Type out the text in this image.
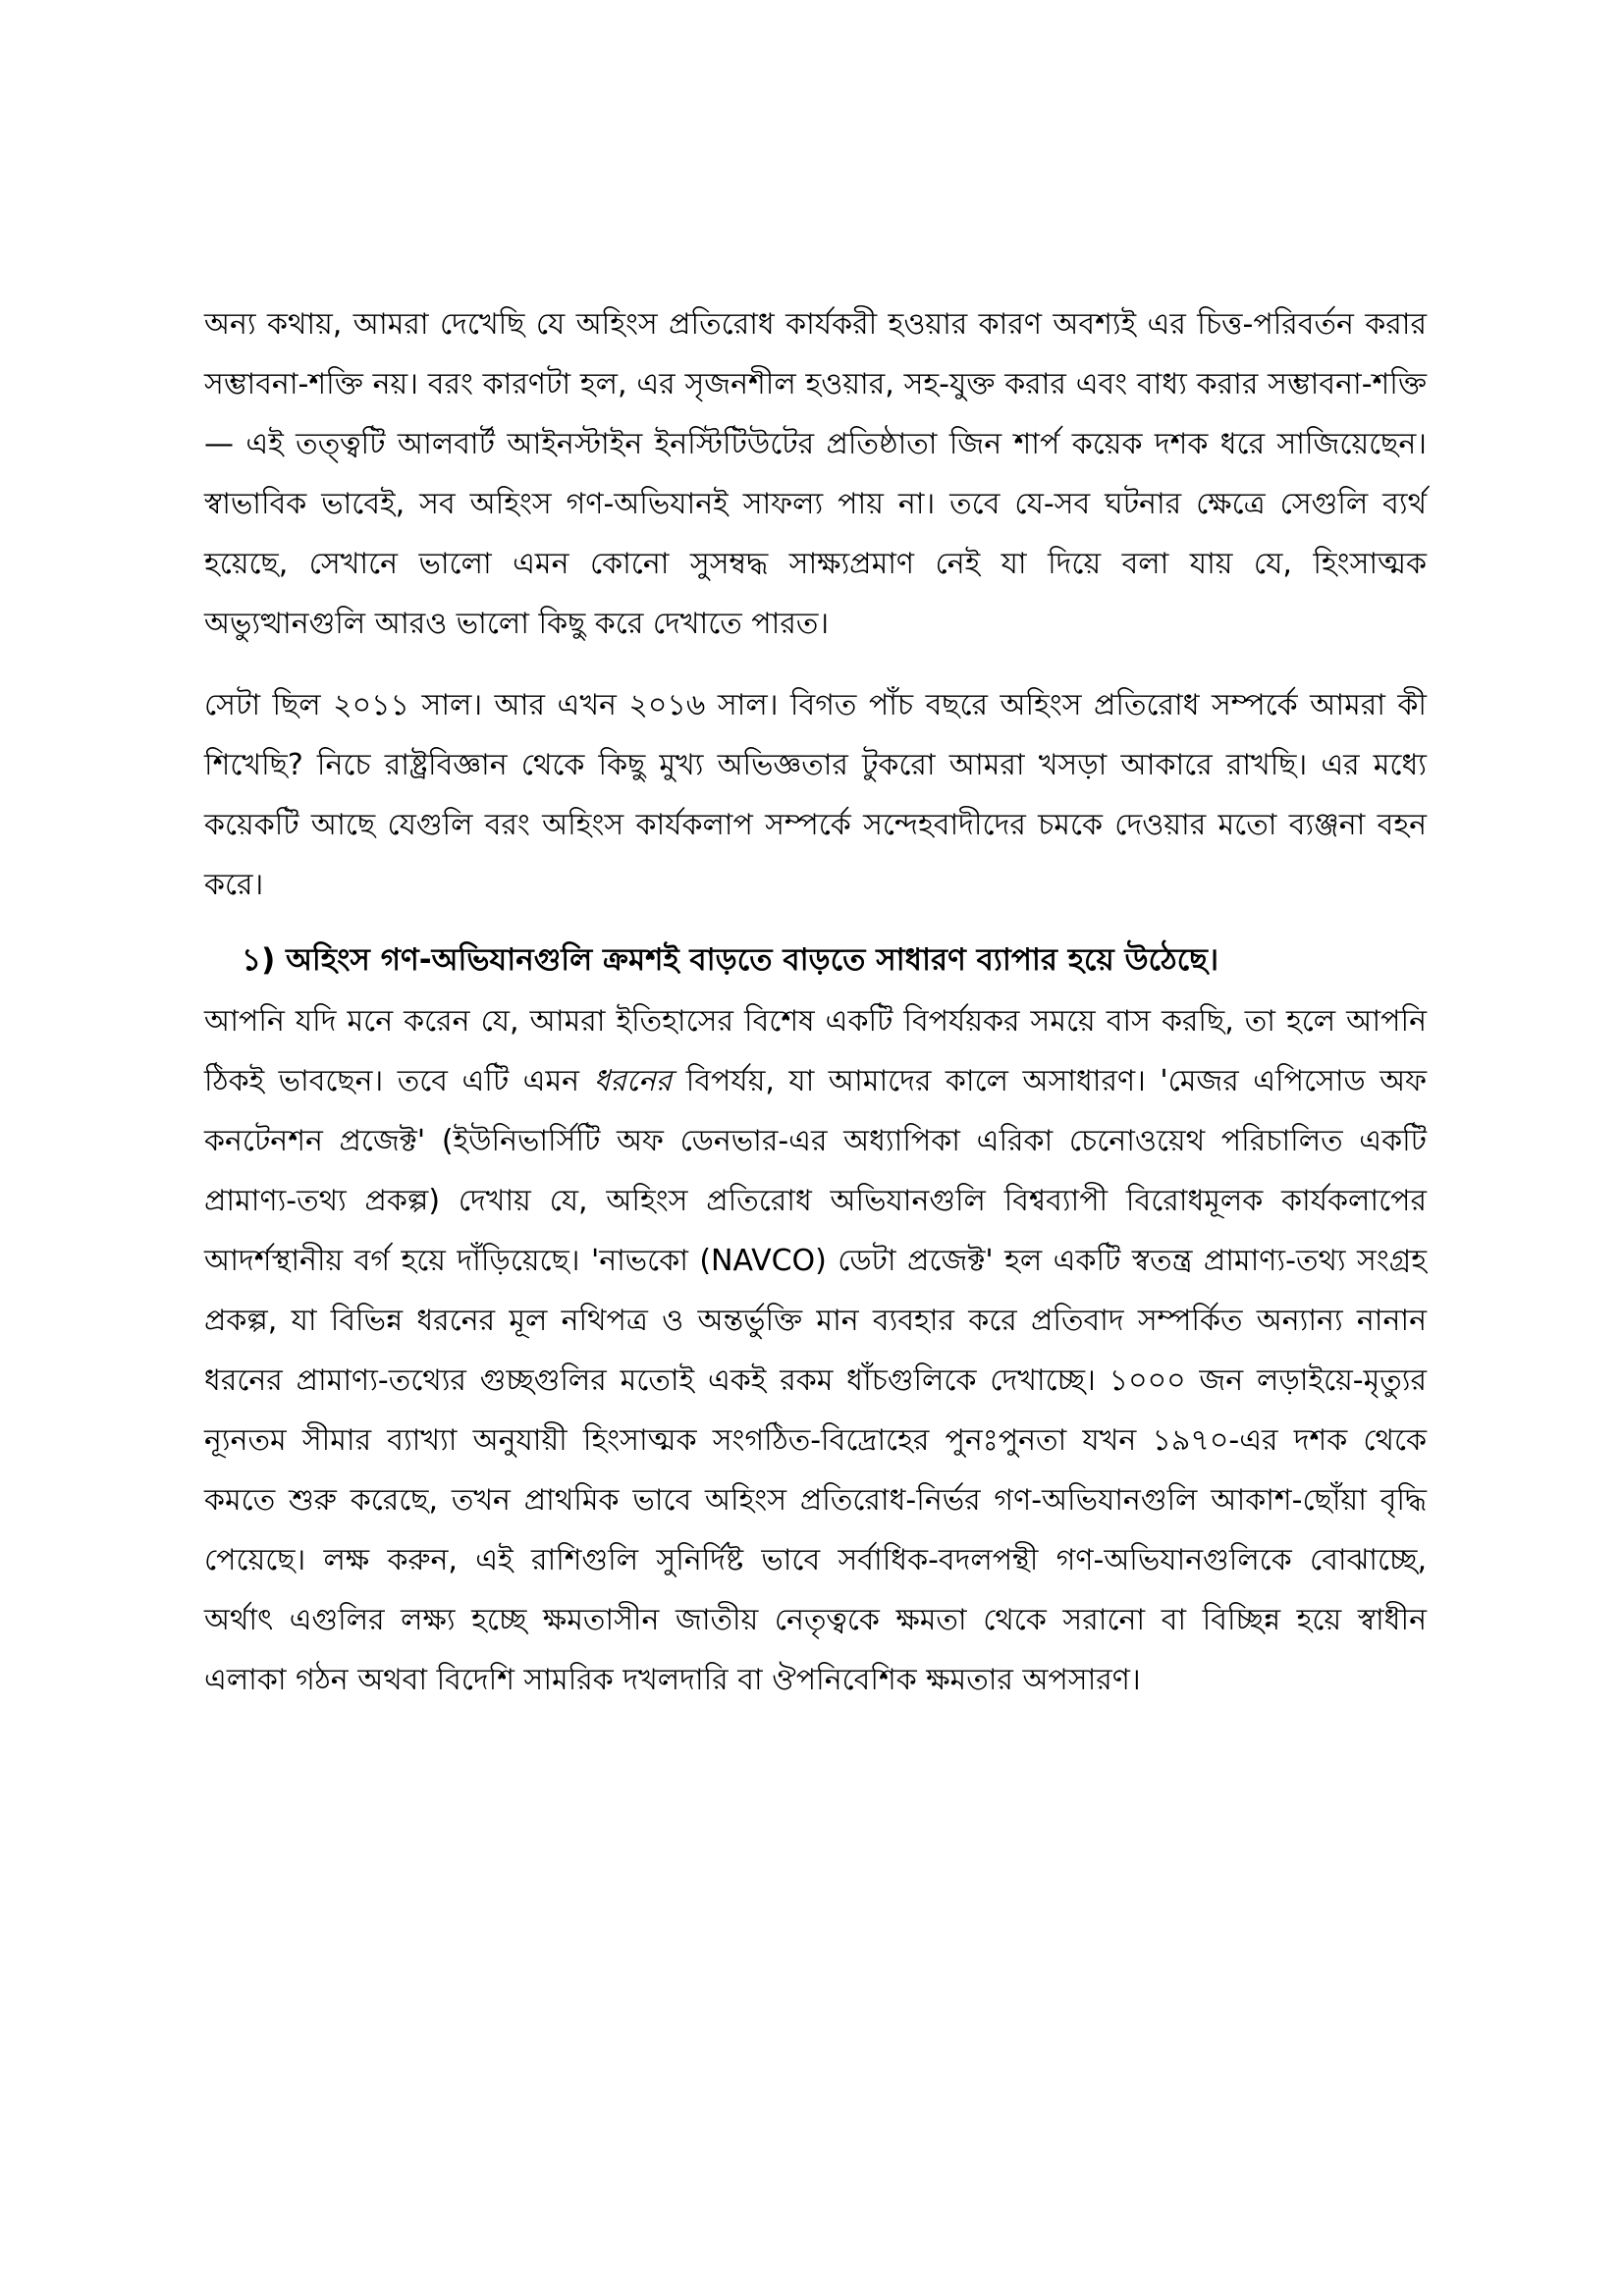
অন্য কথায়, আমরা দেখেছি যে অহিংস প্রতিরোধ কার্যকরী হওয়ার কারণ অবশ্যই এর চিত্ত-পরিবর্তন করার সম্ভাবনা-শক্তি নয়। বরং কারণটা হল, এর সৃজনশীল হওয়ার, সহ-যুক্ত করার এবং বাধ্য করার সম্ভাবনা-শক্তি — এই তত্ত্বটি আলবার্ট আইনস্টাইন ইনস্টিটিউটের প্রতিষ্ঠাতা জিন শার্প কয়েক দশক ধরে সাজিয়েছেন। স্বাভাবিক ভাবেই, সব অহিংস গণ-অভিযানই সাফল্য পায় না। তবে যে-সব ঘটনার ক্ষেত্রে সেগুলি ব্যর্থ হয়েছে, সেখানে ভালো এমন কোনো সুসম্বদ্ধ সাক্ষ্যপ্রমাণ নেই যা দিয়ে বলা যায় যে, হিংসাত্মক অভ্যুত্থানগুলি আরও ভালো কিছু করে দেখাতে পারত।

সেটা ছিল ২০১১ সাল। আর এখন ২০১৬ সাল। বিগত পাঁচ বছরে অহিংস প্রতিরোধ সম্পর্কে আমরা কী শিখেছি? নিচে রাষ্ট্রবিজ্ঞান থেকে কিছু মুখ্য অভিজ্ঞতার টুকরো আমরা খসড়া আকারে রাখছি। এর মধ্যে কয়েকটি আছে যেগুলি বরং অহিংস কার্যকলাপ সম্পর্কে সন্দেহবাদীদের চমকে দেওয়ার মতো ব্যঞ্জনা বহন করে।

১) অহিংস গণ-অভিযানগুলি ক্রমশই বাড়তে বাড়তে সাধারণ ব্যাপার হয়ে উঠেছে।

আপনি যদি মনে করেন যে, আমরা ইতিহাসের বিশেষ একটি বিপর্যয়কর সময়ে বাস করছি, তা হলে আপনি ঠিকই ভাবছেন। তবে এটি এমন ধরনের বিপর্যয়, যা আমাদের কালে অসাধারণ। 'মেজর এপিসোড অফ কনটেনশন প্রজেক্ট' (ইউনিভার্সিটি অফ ডেনভার-এর অধ্যাপিকা এরিকা চেনোওয়েথ পরিচালিত একটি প্রামাণ্য-তথ্য প্রকল্প) দেখায় যে, অহিংস প্রতিরোধ অভিযানগুলি বিশ্বব্যাপী বিরোধমূলক কার্যকলাপের আদর্শস্থানীয় বর্গ হয়ে দাঁড়িয়েছে। 'নাভকো (NAVCO) ডেটা প্রজেক্ট' হল একটি স্বতন্ত্র প্রামাণ্য-তথ্য সংগ্রহ প্রকল্প, যা বিভিন্ন ধরনের মূল নথিপত্র ও অন্তর্ভুক্তি মান ব্যবহার করে প্রতিবাদ সম্পর্কিত অন্যান্য নানান ধরনের প্রামাণ্য-তথ্যের গুচ্ছগুলির মতোই একই রকম ধাঁচগুলিকে দেখাচ্ছে। ১০০০ জন লড়াইয়ে-মৃত্যুর ন্যূনতম সীমার ব্যাখ্যা অনুযায়ী হিংসাত্মক সংগঠিত-বিদ্রোহের পুনঃপুনতা যখন ১৯৭০-এর দশক থেকে কমতে শুরু করেছে, তখন প্রাথমিক ভাবে অহিংস প্রতিরোধ-নির্ভর গণ-অভিযানগুলি আকাশ-ছোঁয়া বৃদ্ধি পেয়েছে। লক্ষ করুন, এই রাশিগুলি সুনির্দিষ্ট ভাবে সর্বাধিক-বদলপন্থী গণ-অভিযানগুলিকে বোঝাচ্ছে, অর্থাৎ এগুলির লক্ষ্য হচ্ছে ক্ষমতাসীন জাতীয় নেতৃত্বকে ক্ষমতা থেকে সরানো বা বিচ্ছিন্ন হয়ে স্বাধীন এলাকা গঠন অথবা বিদেশি সামরিক দখলদারি বা ঔপনিবেশিক ক্ষমতার অপসারণ।
